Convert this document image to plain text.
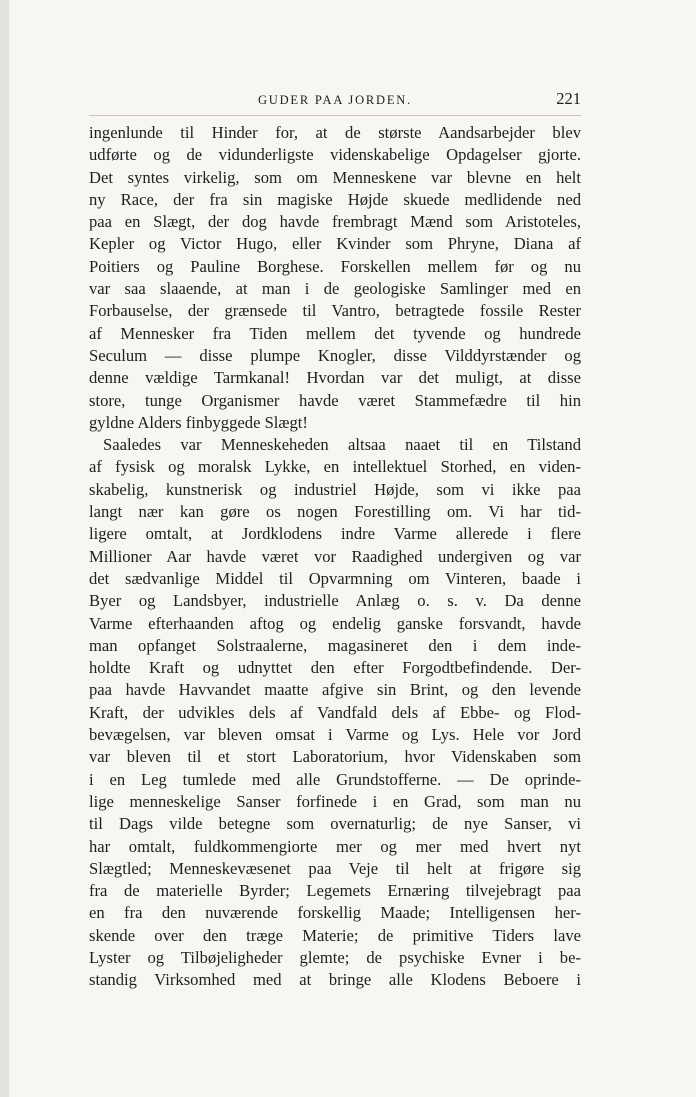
GUDER PAA JORDEN.	221
ingenlunde til Hinder for, at de største Aandsarbejder blev
udførte og de vidunderligste videnskabelige Opdagelser gjorte.
Det syntes virkelig, som om Menneskene var blevne en helt
ny Race, der fra sin magiske Højde skuede medlidende ned
paa en Slægt, der dog havde frembragt Mænd som Aristoteles,
Kepler og Victor Hugo, eller Kvinder som Phryne, Diana af
Poitiers og Pauline Borghese. Forskellen mellem før og nu
var saa slaaende, at man i de geologiske Samlinger med en
Forbauselse, der grænsede til Vantro, betragtede fossile Rester
af Mennesker fra Tiden mellem det tyvende og hundrede
Seculum — disse plumpe Knogler, disse Vilddyrstænder og
denne vældige Tarmkanal! Hvordan var det muligt, at disse
store, tunge Organismer havde været Stammefædre til hin
gyldne Alders finbyggede Slægt!
Saaledes var Menneskeheden altsaa naaet til en Tilstand
af fysisk og moralsk Lykke, en intellektuel Storhed, en viden-
skabelig, kunstnerisk og industriel Højde, som vi ikke paa
langt nær kan gøre os nogen Forestilling om. Vi har tid-
ligere omtalt, at Jordklodens indre Varme allerede i flere
Millioner Aar havde været vor Raadighed undergiven og var
det sædvanlige Middel til Opvarmning om Vinteren, baade i
Byer og Landsbyer, industrielle Anlæg o. s. v. Da denne
Varme efterhaanden aftog og endelig ganske forsvandt, havde
man opfanget Solstraalerne, magasineret den i dem inde-
holdte Kraft og udnyttet den efter Forgodtbefindende. Der-
paa havde Havvandet maatte afgive sin Brint, og den levende
Kraft, der udvikles dels af Vandfald dels af Ebbe- og Flod-
bevægelsen, var bleven omsat i Varme og Lys. Hele vor Jord
var bleven til et stort Laboratorium, hvor Videnskaben som
i en Leg tumlede med alle Grundstofferne. — De oprinde-
lige menneskelige Sanser forfinede i en Grad, som man nu
til Dags vilde betegne som overnaturlig; de nye Sanser, vi
har omtalt, fuldkommengiorte mer og mer med hvert nyt
Slægtled; Menneskevæsenet paa Veje til helt at frigøre sig
fra de materielle Byrder; Legemets Ernæring tilvejebragt paa
en fra den nuværende forskellig Maade; Intelligensen her-
skende over den træge Materie; de primitive Tiders lave
Lyster og Tilbøjeligheder glemte; de psychiske Evner i be-
standig Virksomhed med at bringe alle Klodens Beboere i
